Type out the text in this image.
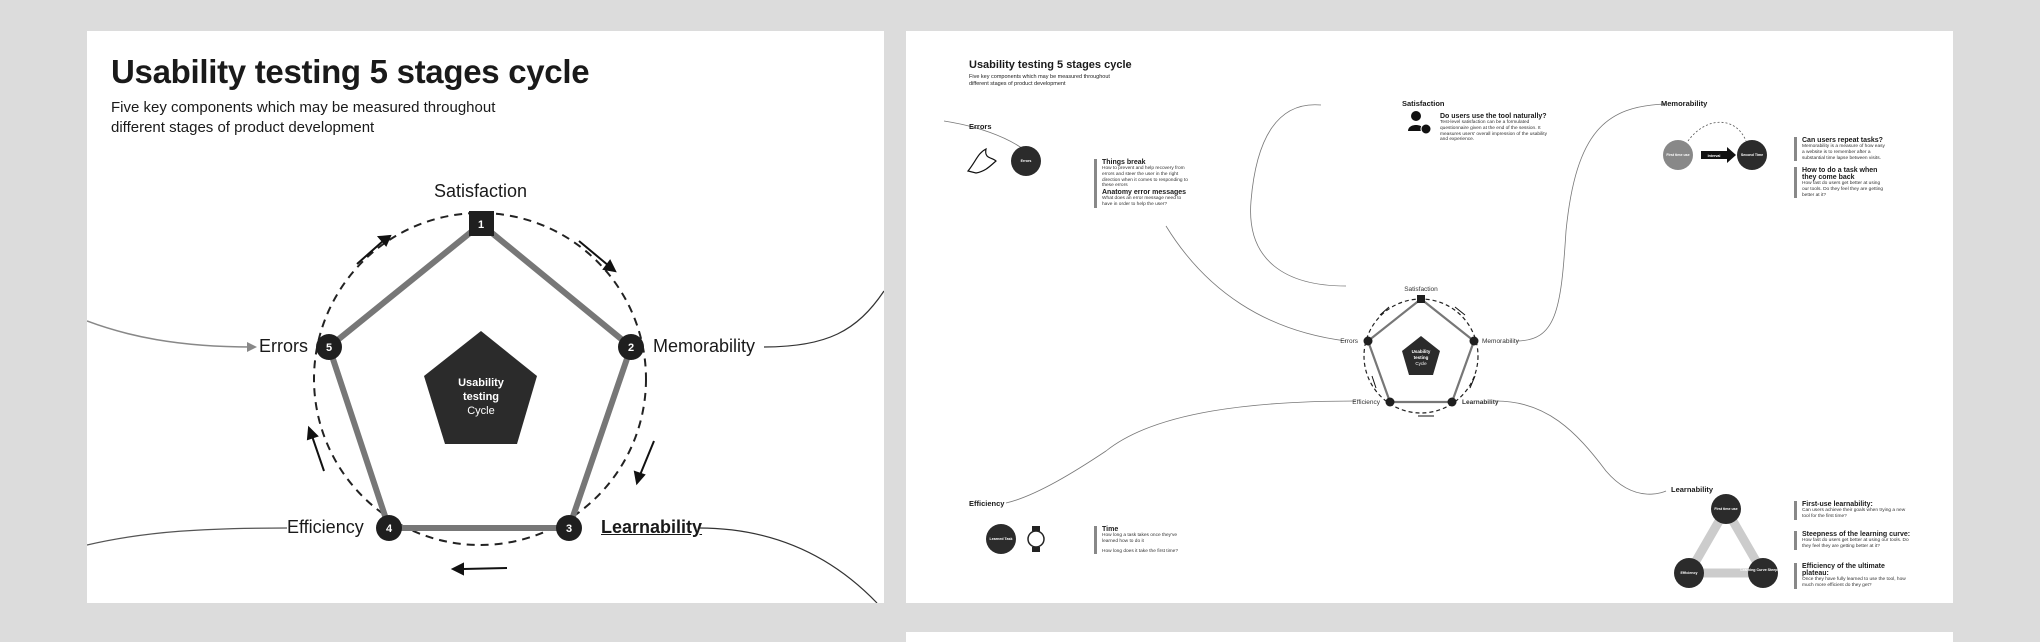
1
2
3
4
5
Usability
testing
Cycle
Usability testing 5 stages cycle
Five key components which may be measured throughout different stages of product development
Satisfaction
Memorability
Learnability
Efficiency
Errors	Usability
testing
Cycle
Satisfaction
Memorability
Learnability
Efficiency
Errors
Errors
First time use	Second Time
Interval
Learned Task
First time use
Efficiency
Learning Curve Steepness
Usability testing 5 stages cycle
Five key components which may be measured throughout different stages of product development
Errors
Things break
How to prevent and help recovery from errors and steer the user in the right direction when it comes to responding to these errors
Anatomy error messages
What does an error message need to have in order to help the user?
Satisfaction
Do users use the tool naturally?
Test-level satisfaction can be a formulated questionnaire given at the end of the session. It measures users' overall impression of the usability and experience.
Memorability
Can users repeat tasks?
Memorability is a measure of how easy a website is to remember after a substantial time lapse between visits.
How to do a task when they come back
How fast do users get better at using our tools. Do they feel they are getting better at it?
Efficiency
Time
How long a task takes once they've learned how to do it
How long does it take the first time?
Learnability
First-use learnability:
Can users achieve their goals when trying a new tool for the first time?
Steepness of the learning curve:
How fast do users get better at using our tools. Do they feel they are getting better at it?
Efficiency of the ultimate plateau:
Once they have fully learned to use the tool, how much more efficient do they get?
